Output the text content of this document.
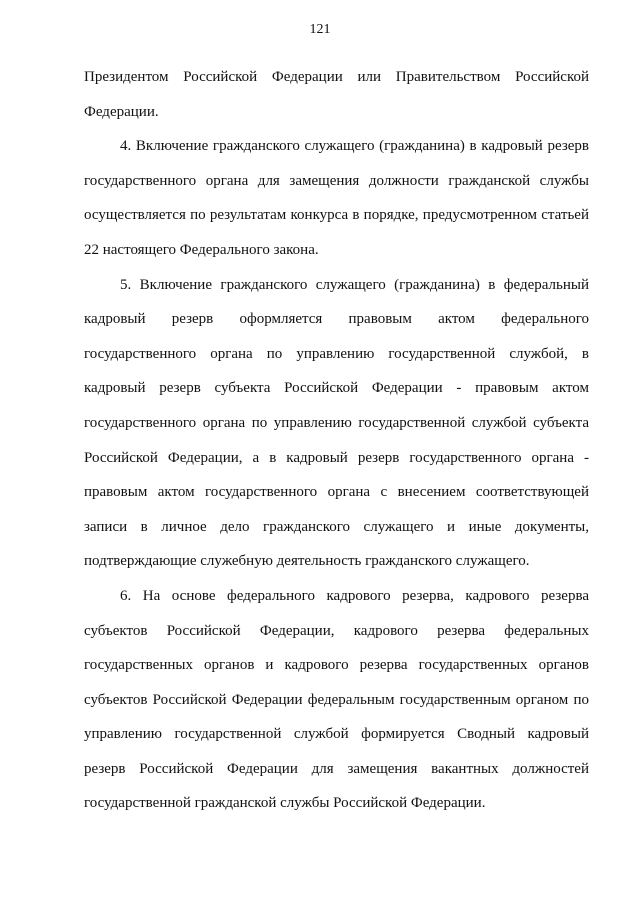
121

Президентом Российской Федерации или Правительством Российской Федерации.

4. Включение гражданского служащего (гражданина) в кадровый резерв государственного органа для замещения должности гражданской службы осуществляется по результатам конкурса в порядке, предусмотренном статьей 22 настоящего Федерального закона.

5. Включение гражданского служащего (гражданина) в федеральный кадровый резерв оформляется правовым актом федерального государственного органа по управлению государственной службой, в кадровый резерв субъекта Российской Федерации - правовым актом государственного органа по управлению государственной службой субъекта Российской Федерации, а в кадровый резерв государственного органа - правовым актом государственного органа с внесением соответствующей записи в личное дело гражданского служащего и иные документы, подтверждающие служебную деятельность гражданского служащего.

6. На основе федерального кадрового резерва, кадрового резерва субъектов Российской Федерации, кадрового резерва федеральных государственных органов и кадрового резерва государственных органов субъектов Российской Федерации федеральным государственным органом по управлению государственной службой формируется Сводный кадровый резерв Российской Федерации для замещения вакантных должностей государственной гражданской службы Российской Федерации.
